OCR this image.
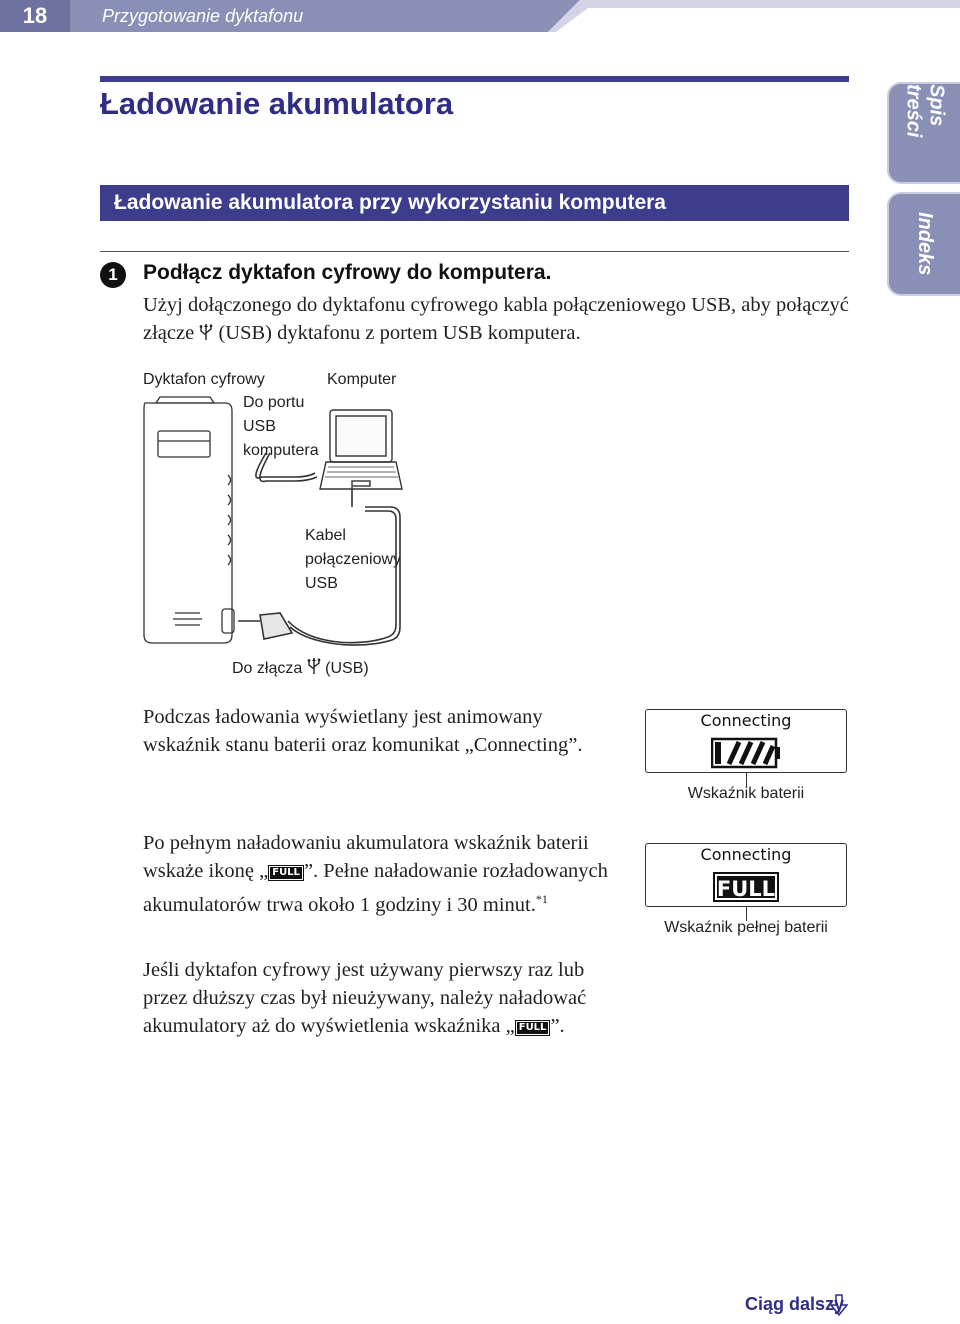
18	Przygotowanie dyktafonu
Spis treści
Indeks
Ładowanie akumulatora
Ładowanie akumulatora przy wykorzystaniu komputera
1	Podłącz dyktafon cyfrowy do komputera.
Użyj dołączonego do dyktafonu cyfrowego kabla połączeniowego USB, aby połączyć złącze  (USB) dyktafonu z portem USB komputera.
Dyktafon cyfrowy	Komputer
Do portu USB komputera
Kabel połączeniowy USB
Do złącza  (USB)

Podczas ładowania wyświetlany jest animowany wskaźnik stanu baterii oraz komunikat „Connecting”.

Connecting
Wskaźnik baterii

Po pełnym naładowaniu akumulatora wskaźnik baterii wskaże ikonę „ FULL ”. Pełne naładowanie rozładowanych akumulatorów trwa około 1 godziny i 30 minut.$^{*1}$

Connecting
FULL
Wskaźnik pełnej baterii

Jeśli dyktafon cyfrowy jest używany pierwszy raz lub przez dłuższy czas był nieużywany, należy naładować akumulatory aż do wyświetlenia wskaźnika „ FULL ”.

Ciąg dalszy
